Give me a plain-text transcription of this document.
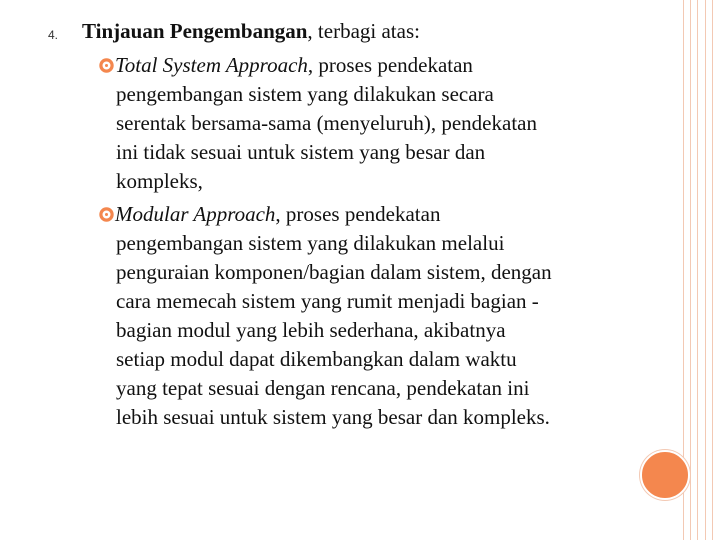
4. Tinjauan Pengembangan, terbagi atas:
Total System Approach, proses pendekatan
pengembangan sistem yang dilakukan secara
serentak bersama-sama (menyeluruh), pendekatan
ini tidak sesuai untuk sistem yang besar dan
kompleks,
Modular Approach, proses pendekatan
pengembangan sistem yang dilakukan melalui
penguraian komponen/bagian dalam sistem, dengan
cara memecah sistem yang rumit menjadi bagian -
bagian modul yang lebih sederhana, akibatnya
setiap modul dapat dikembangkan dalam waktu
yang tepat sesuai dengan rencana, pendekatan ini
lebih sesuai untuk sistem yang besar dan kompleks.
